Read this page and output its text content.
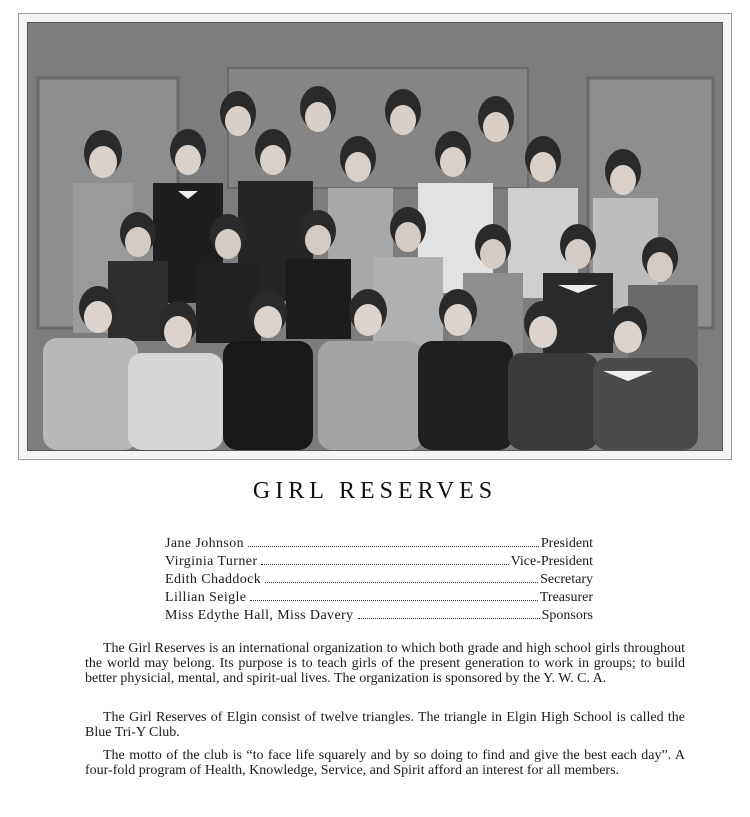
GIRL RESERVES
Jane Johnson	President
Virginia Turner	Vice-President
Edith Chaddock	Secretary
Lillian Seigle	Treasurer
Miss Edythe Hall, Miss Davery	Sponsors

The Girl Reserves is an international organization to which both grade and high school girls throughout the world may belong. Its purpose is to teach girls of the present generation to work in groups; to build better physicial, mental, and spirit-ual lives. The organization is sponsored by the Y. W. C. A.

The Girl Reserves of Elgin consist of twelve triangles. The triangle in Elgin High School is called the Blue Tri-Y Club.

The motto of the club is “to face life squarely and by so doing to find and give the best each day”. A four-fold program of Health, Knowledge, Service, and Spirit afford an interest for all members.
